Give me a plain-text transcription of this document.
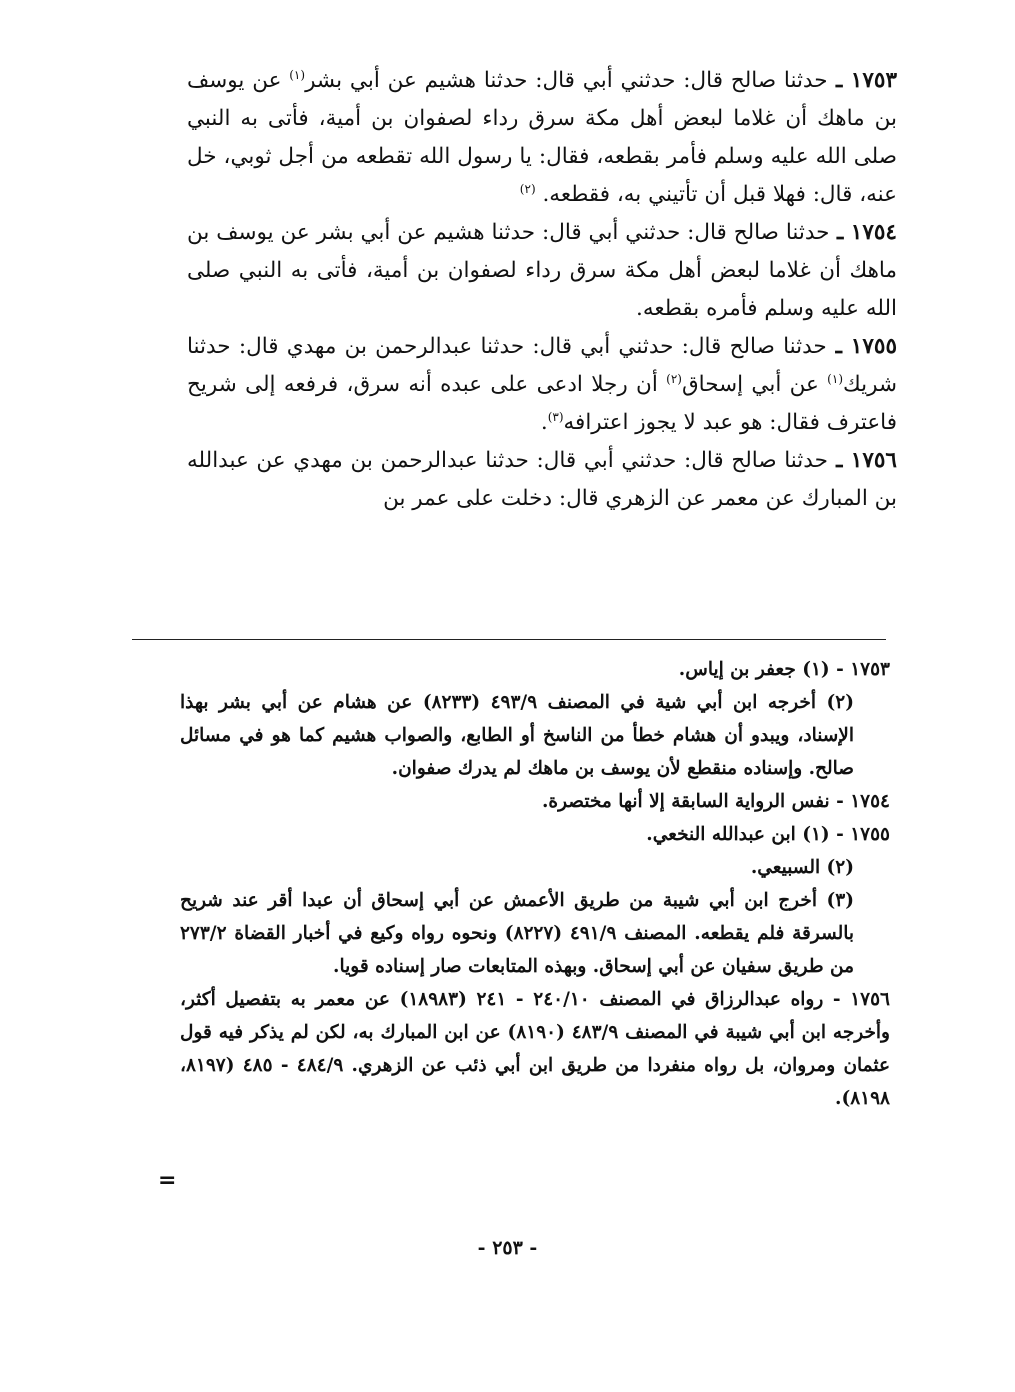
١٧٥٣ ـ حدثنا صالح قال: حدثني أبي قال: حدثنا هشيم عن أبي بشر$^{(١)}$ عن يوسف بن ماهك أن غلاما لبعض أهل مكة سرق رداء لصفوان بن أمية، فأتى به النبي صلى الله عليه وسلم فأمر بقطعه، فقال: يا رسول الله تقطعه من أجل ثوبي، خل عنه، قال: فهلا قبل أن تأتيني به، فقطعه. $^{(٢)}$

١٧٥٤ ـ حدثنا صالح قال: حدثني أبي قال: حدثنا هشيم عن أبي بشر عن يوسف بن ماهك أن غلاما لبعض أهل مكة سرق رداء لصفوان بن أمية، فأتى به النبي صلى الله عليه وسلم فأمره بقطعه.

١٧٥٥ ـ حدثنا صالح قال: حدثني أبي قال: حدثنا عبدالرحمن بن مهدي قال: حدثنا شريك$^{(١)}$ عن أبي إسحاق$^{(٢)}$ أن رجلا ادعى على عبده أنه سرق، فرفعه إلى شريح فاعترف فقال: هو عبد لا يجوز اعترافه$^{(٣)}$.

١٧٥٦ ـ حدثنا صالح قال: حدثني أبي قال: حدثنا عبدالرحمن بن مهدي عن عبدالله بن المبارك عن معمر عن الزهري قال: دخلت على عمر بن

١٧٥٣ - (١) جعفر بن إياس.

(٢) أخرجه ابن أبي شية في المصنف ٤٩٣/٩ (٨٢٣٣) عن هشام عن أبي بشر بهذا الإسناد، ويبدو أن هشام خطأ من الناسخ أو الطابع، والصواب هشيم كما هو في مسائل صالح. وإسناده منقطع لأن يوسف بن ماهك لم يدرك صفوان.

١٧٥٤ - نفس الرواية السابقة إلا أنها مختصرة.

١٧٥٥ - (١) ابن عبدالله النخعي.

(٢) السبيعي.

(٣) أخرج ابن أبي شيبة من طريق الأعمش عن أبي إسحاق أن عبدا أقر عند شريح بالسرقة فلم يقطعه. المصنف ٤٩١/٩ (٨٢٢٧) ونحوه رواه وكيع في أخبار القضاة ٢٧٣/٢ من طريق سفيان عن أبي إسحاق. وبهذه المتابعات صار إسناده قويا.

١٧٥٦ - رواه عبدالرزاق في المصنف ٢٤٠/١٠ - ٢٤١ (١٨٩٨٣) عن معمر به بتفصيل أكثر، وأخرجه ابن أبي شيبة في المصنف ٤٨٣/٩ (٨١٩٠) عن ابن المبارك به، لكن لم يذكر فيه قول عثمان ومروان، بل رواه منفردا من طريق ابن أبي ذئب عن الزهري. ٤٨٤/٩ - ٤٨٥ (٨١٩٧، ٨١٩٨).

=
- ٢٥٣ -
